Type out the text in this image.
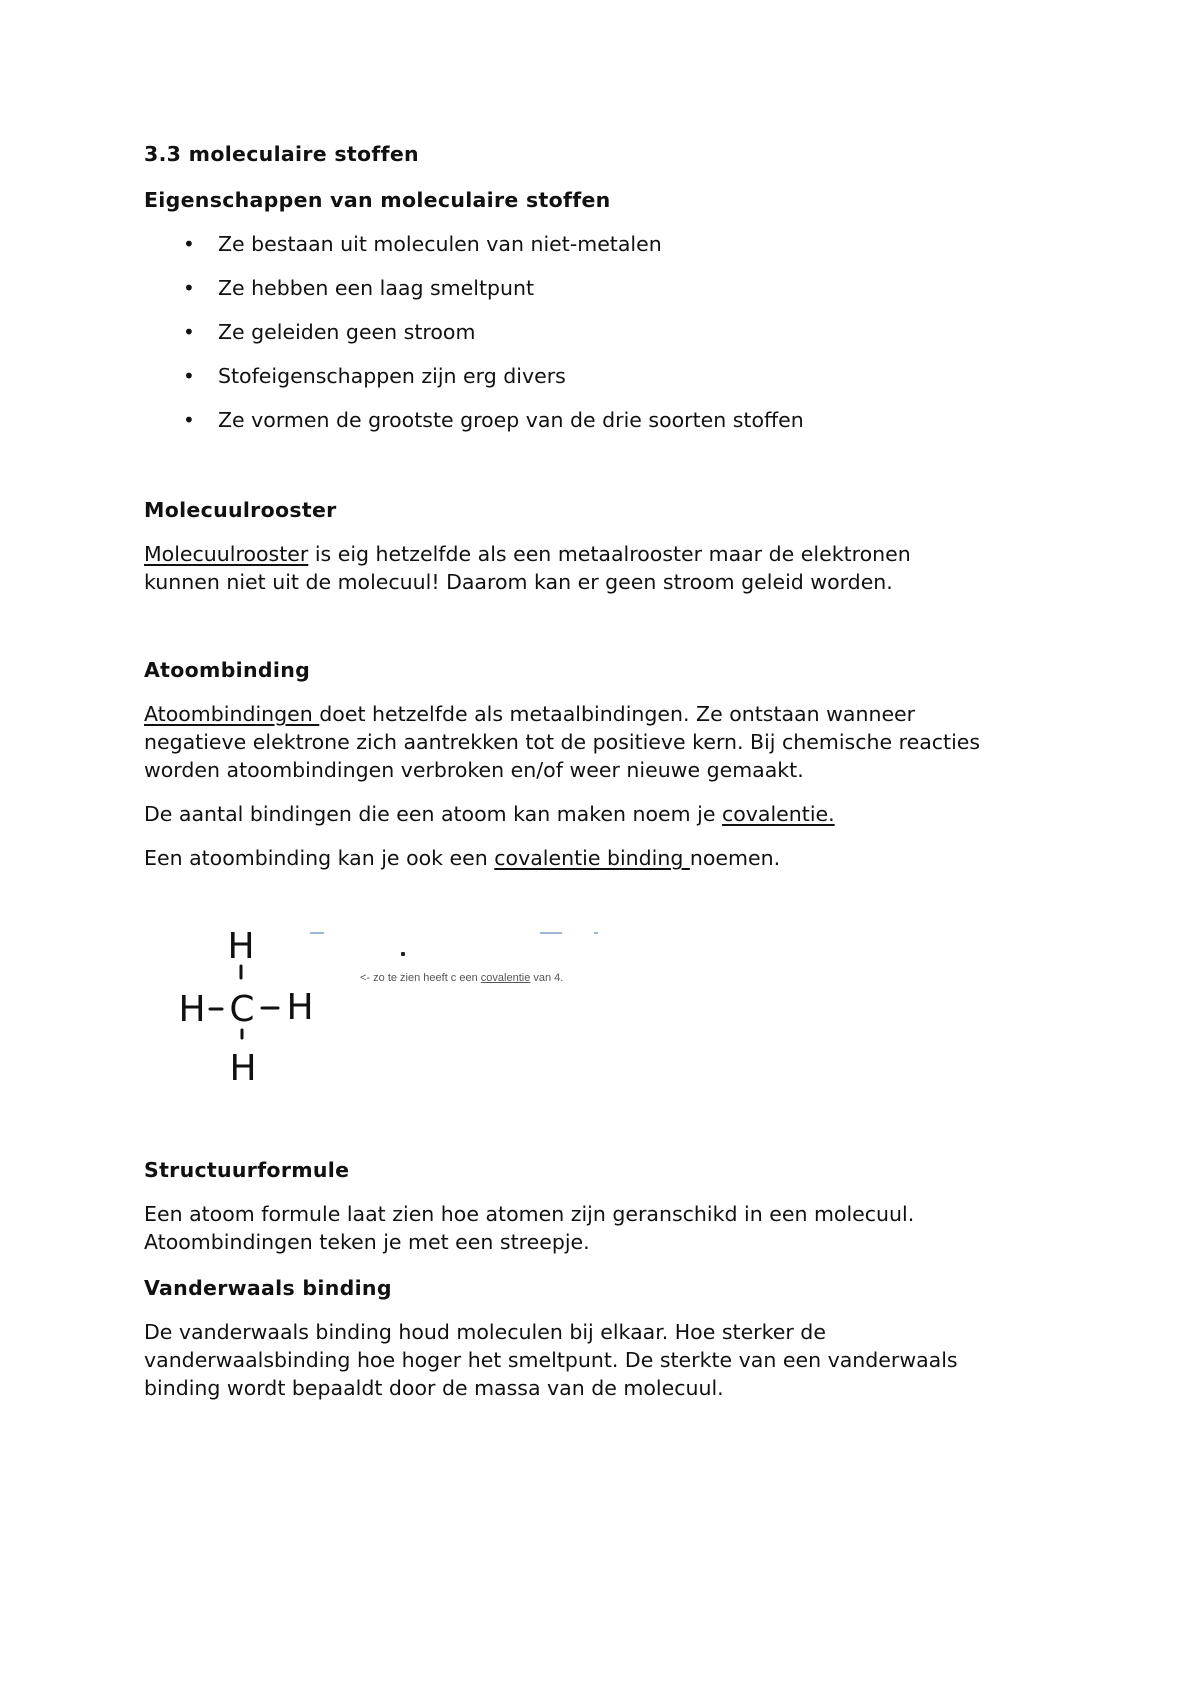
3.3 moleculaire stoffen
Eigenschappen van moleculaire stoffen
• Ze bestaan uit moleculen van niet-metalen
• Ze hebben een laag smeltpunt
• Ze geleiden geen stroom
• Stofeigenschappen zijn erg divers
• Ze vormen de grootste groep van de drie soorten stoffen
Molecuulrooster
Molecuulrooster is eig hetzelfde als een metaalrooster maar de elektronen
kunnen niet uit de molecuul! Daarom kan er geen stroom geleid worden.
Atoombinding
Atoombindingen doet hetzelfde als metaalbindingen. Ze ontstaan wanneer
negatieve elektrone zich aantrekken tot de positieve kern. Bij chemische reacties
worden atoombindingen verbroken en/of weer nieuwe gemaakt.
De aantal bindingen die een atoom kan maken noem je covalentie.
Een atoombinding kan je ook een covalentie binding noemen.
H
H C H
H
<- zo te zien heeft c een covalentie van 4.
Structuurformule
Een atoom formule laat zien hoe atomen zijn geranschikd in een molecuul.
Atoombindingen teken je met een streepje.
Vanderwaals binding
De vanderwaals binding houd moleculen bij elkaar. Hoe sterker de
vanderwaalsbinding hoe hoger het smeltpunt. De sterkte van een vanderwaals
binding wordt bepaaldt door de massa van de molecuul.
